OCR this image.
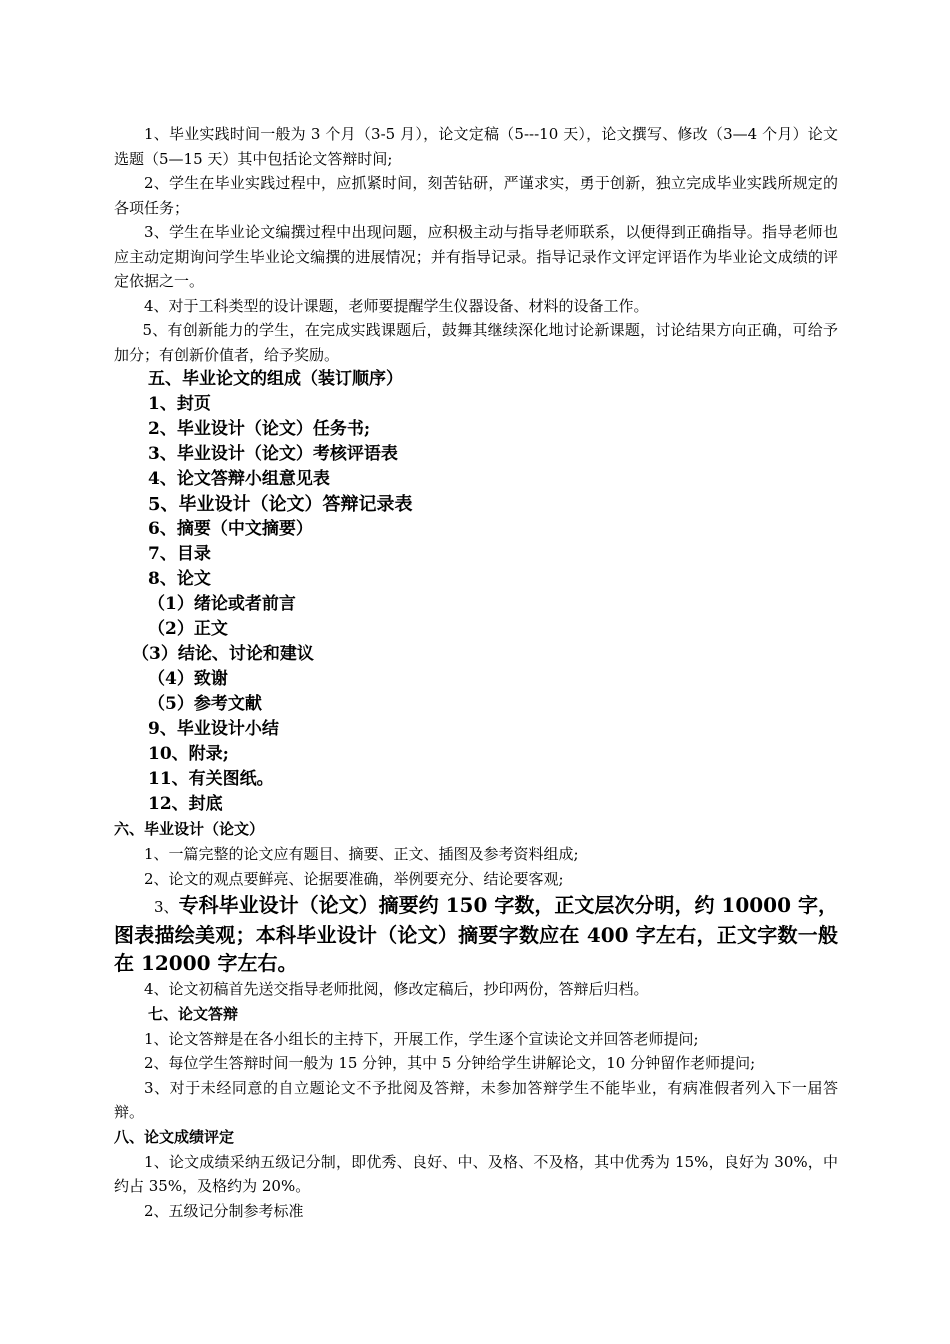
1、毕业实践时间一般为 3 个月（3-5 月），论文定稿（5---10 天），论文撰写、修改（3—4 个月）论文选题（5—15 天）其中包括论文答辩时间;

2、学生在毕业实践过程中，应抓紧时间，刻苦钻研，严谨求实，勇于创新，独立完成毕业实践所规定的各项任务；

3、学生在毕业论文编撰过程中出现问题，应积极主动与指导老师联系，以便得到正确指导。指导老师也应主动定期询问学生毕业论文编撰的进展情况；并有指导记录。指导记录作文评定评语作为毕业论文成绩的评定依据之一。

4、对于工科类型的设计课题，老师要提醒学生仪器设备、材料的设备工作。

5、有创新能力的学生，在完成实践课题后，鼓舞其继续深化地讨论新课题，讨论结果方向正确，可给予加分；有创新价值者，给予奖励。

五、毕业论文的组成（装订顺序）

1、封页

2、毕业设计（论文）任务书;

3、毕业设计（论文）考核评语表

4、论文答辩小组意见表

5、毕业设计（论文）答辩记录表

6、摘要（中文摘要）

7、目录

8、论文

（1）绪论或者前言

（2）正文

（3）结论、讨论和建议

（4）致谢

（5）参考文献

9、毕业设计小结

10、附录;

11、有关图纸。

12、封底

六、毕业设计（论文）

1、一篇完整的论文应有题目、摘要、正文、插图及参考资料组成;

2、论文的观点要鲜亮、论据要准确，举例要充分、结论要客观;

3、专科毕业设计（论文）摘要约 150 字数，正文层次分明，约 10000 字，图表描绘美观；本科毕业设计（论文）摘要字数应在 400 字左右，正文字数一般在 12000 字左右。

4、论文初稿首先送交指导老师批阅，修改定稿后，抄印两份，答辩后归档。

七、论文答辩

1、论文答辩是在各小组长的主持下，开展工作，学生逐个宣读论文并回答老师提问;

2、每位学生答辩时间一般为 15 分钟，其中 5 分钟给学生讲解论文，10 分钟留作老师提问;

3、对于未经同意的自立题论文不予批阅及答辩，未参加答辩学生不能毕业，有病准假者列入下一届答辩。

八、论文成绩评定

1、论文成绩采纳五级记分制，即优秀、良好、中、及格、不及格，其中优秀为 15%，良好为 30%，中约占 35%，及格约为 20%。

2、五级记分制参考标准
